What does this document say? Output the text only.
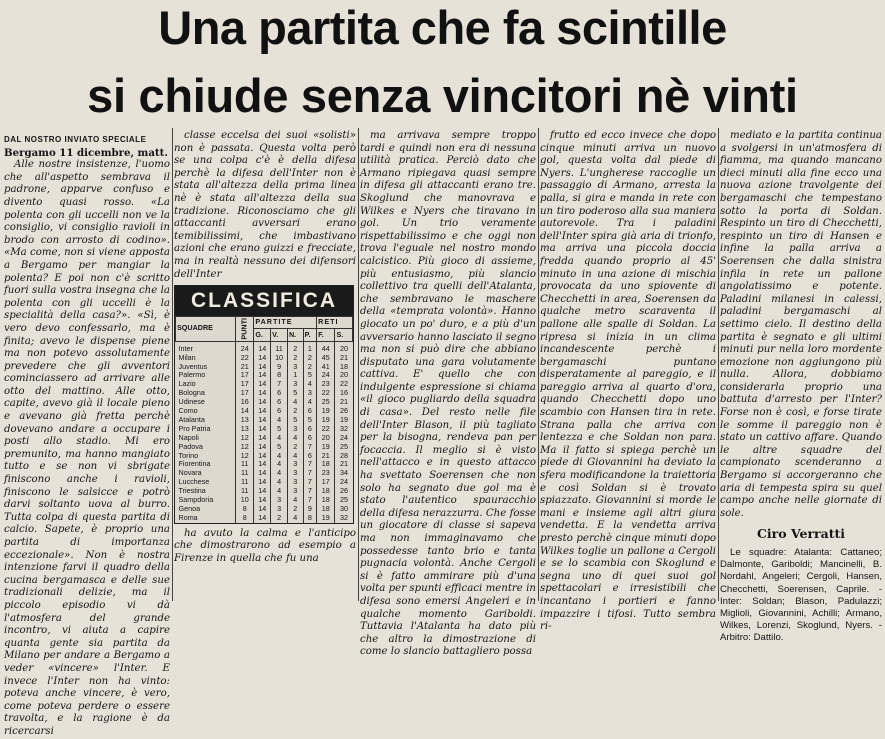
Una partita che fa scintille
si chiude senza vincitori nè vinti
DAL NOSTRO INVIATO SPECIALE

Bergamo 11 dicembre, matt.

Alle nostre insistenze, l'uomo che all'aspetto sembrava il padrone, apparve confuso e divento quasi rosso. «La polenta con gli uccelli non ve la consiglio, vi consiglio ravioli in brodo con arrosto di codino». «Ma come, non si viene apposta a Bergamo per mangiar la polenta? E poi non c'è scritto fuori sulla vostra insegna che la polenta con gli uccelli è la specialità della casa?». «Sì, è vero devo confessarlo, ma è finita; avevo le dispense piene ma non potevo assolutamente prevedere che gli avventori cominciassero ad arrivare alle otto del mattino. Alle otto, capite, avevo già il locale pieno e avevano già fretta perchè dovevano andare a occupare i posti allo stadio. Mi ero premunito, ma hanno mangiato tutto e se non vi sbrigate finiscono anche i ravioli, finiscono le salsicce e potrò darvi soltanto uova al burro. Tutta colpa di questa partita di calcio. Sapete, è proprio una partita di importanza eccezionale». Non è nostra intenzione farvi il quadro della cucina bergamasca e delle sue tradizionali delizie, ma il piccolo episodio vi dà l'atmosfera del grande incontro, vi aiuta a capire quanta gente sia partita da Milano per andare a Bergamo a veder «vincere» l'Inter. E invece l'Inter non ha vinto: poteva anche vincere, è vero, come poteva perdere o essere travolta, e la ragione è da ricercarsi

classe eccelsa dei suoi «solisti» non è passata. Questa volta però se una colpa c'è è della difesa perchè la difesa dell'Inter non è stata all'altezza della prima linea nè è stata all'altezza della sua tradizione. Riconosciamo che gli attaccanti avversari erano temibilissimi, che imbastivano azioni che erano guizzi e frecciate, ma in realtà nessuno dei difensori dell'Inter

CLASSIFICA
SQUADRE	PUNTI	PARTITE				RETI	
		G.	V.	N.	P.	F.	S.
Inter	24	14	11	2	1	44	20
Milan	22	14	10	2	2	45	21
Juventus	21	14	9	3	2	41	18
Palermo	17	14	8	1	5	24	20
Lazio	17	14	7	3	4	23	22
Bologna	17	14	6	5	3	22	16
Udinese	16	14	6	4	4	25	21
Como	14	14	6	2	6	19	26
Atalanta	13	14	4	5	5	19	19
Pro Patria	13	14	5	3	6	22	32
Napoli	12	14	4	4	6	20	24
Padova	12	14	5	2	7	19	25
Torino	12	14	4	4	6	21	28
Fiorentina	11	14	4	3	7	18	21
Novara	11	14	4	3	7	23	34
Lucchese	11	14	4	3	7	17	24
Triestina	11	14	4	3	7	18	26
Sampdoria	10	14	3	4	7	18	25
Genoa	8	14	3	2	9	18	30
Roma	8	14	2	4	8	19	32

ha avuto la calma e l'anticipo che dimostrarono ad esempio a Firenze in quella che fu una

ma arrivava sempre troppo tardi e quindi non era di nessuna utilità pratica. Perciò dato che Armano ripiegava quasi sempre in difesa gli attaccanti erano tre. Skoglund che manovrava e Wilkes e Nyers che tiravano in gol. Un trio veramente rispettabilissimo e che oggi non trova l'eguale nel nostro mondo calcistico. Più gioco di assieme, più entusiasmo, più slancio collettivo tra quelli dell'Atalanta, che sembravano le maschere della «temprata volontà». Hanno giocato un po' duro, e a più d'un avversario hanno lasciato il segno ma non si può dire che abbiano disputato una gara volutamente cattiva. E' quello che con indulgente espressione si chiama «il gioco pugliardo della squadra di casa». Del resto nelle file dell'Inter Blason, il più tagliato per la bisogna, rendeva pan per focaccia. Il meglio si è visto nell'attacco e in questo attacco ha svettato Soerensen che non solo ha segnato due gol ma è stato l'autentico spauracchio della difesa nerazzurra. Che fosse un giocatore di classe si sapeva ma non immaginavamo che possedesse tanto brio e tanta pugnacia volontà. Anche Cergoli si è fatto ammirare più d'una volta per spunti efficaci mentre in difesa sono emersi Angeleri e in qualche momento Gariboldi. Tuttavia l'Atalanta ha dato più che altro la dimostrazione di come lo slancio battagliero possa

frutto ed ecco invece che dopo cinque minuti arriva un nuovo gol, questa volta dal piede di Nyers. L'ungherese raccoglie un passaggio di Armano, arresta la palla, si gira e manda in rete con un tiro poderoso alla sua maniera autorevole. Tra i paladini dell'Inter spira già aria di trionfo, ma arriva una piccola doccia fredda quando proprio al 45' minuto in una azione di mischia provocata da uno spiovente di Checchetti in area, Soerensen da qualche metro scaraventa il pallone alle spalle di Soldan. La ripresa si inizia in un clima incandescente perchè i bergamaschi puntano disperatamente al pareggio, e il pareggio arriva al quarto d'ora, quando Checchetti dopo uno scambio con Hansen tira in rete. Strana palla che arriva con lentezza e che Soldan non para. Ma il fatto si spiega perchè un piede di Giovannini ha deviato la sfera modificandone la traiettoria e così Soldan si è trovato spiazzato. Giovannini si morde le mani e insieme agli altri giura vendetta. E la vendetta arriva presto perchè cinque minuti dopo Wilkes toglie un pallone a Cergoli e se lo scambia con Skoglund e segna uno di quei suoi gol spettacolari e irresistibili che incantano i portieri e fanno impazzire i tifosi. Tutto sembra ri-

mediato e la partita continua a svolgersi in un'atmosfera di fiamma, ma quando mancano dieci minuti alla fine ecco una nuova azione travolgente dei bergamaschi che tempestano sotto la porta di Soldan. Respinto un tiro di Checchetti, respinto un tiro di Hansen e infine la palla arriva a Soerensen che dalla sinistra infila in rete un pallone angolatissimo e potente. Paladini milanesi in calessi, paladini bergamaschi al settimo cielo. Il destino della partita è segnato e gli ultimi minuti pur nella loro mordente emozione non aggiungono più nulla. Allora, dobbiamo considerarla proprio una battuta d'arresto per l'Inter? Forse non è così, e forse tirate le somme il pareggio non è stato un cattivo affare. Quando le altre squadre del campionato scenderanno a Bergamo si accorgeranno che aria di tempesta spira su quel campo anche nelle giornate di sole.

Ciro Verratti

Le squadre: Atalanta: Cattaneo; Dalmonte, Gariboldi; Mancinelli, B. Nordahl, Angeleri; Cergoli, Hansen, Checchetti, Soerensen, Caprile. - Inter: Soldan; Blason, Padulazzi; Miglioli, Giovannini, Achilli; Armano, Wilkes, Lorenzi, Skoglund, Nyers. - Arbitro: Dattilo.
